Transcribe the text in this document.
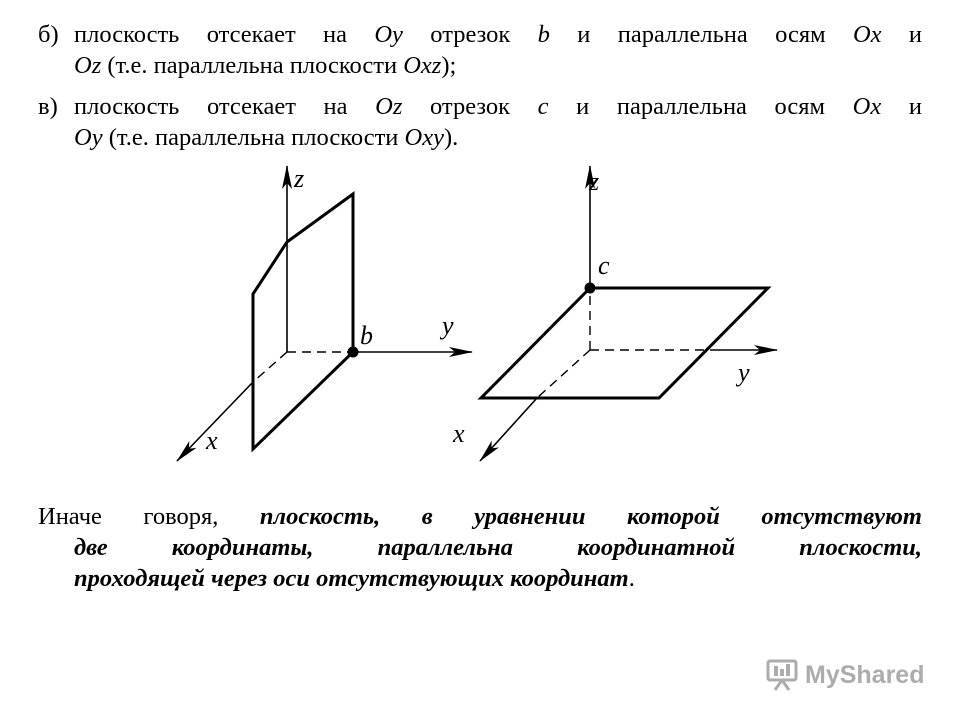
б) плоскость отсекает на Oy отрезок b и параллельна осям Ox и
Oz (т.е. параллельна плоскости Oxz);
в) плоскость отсекает на Oz отрезок c и параллельна осям Ox и
Oy (т.е. параллельна плоскости Oxy).
z
y
x
b
z
c
y
x
Иначе говоря, плоскость, в уравнении которой отсутствуют
две координаты, параллельна координатной плоскости,
проходящей через оси отсутствующих координат.
MyShared
